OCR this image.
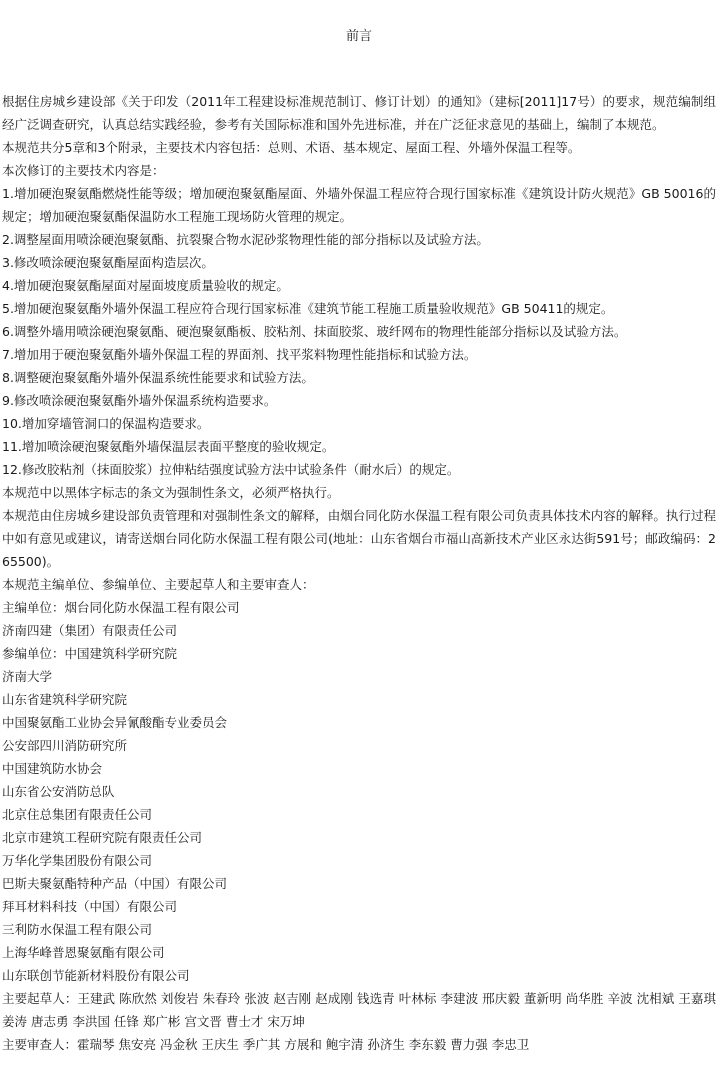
前言

根据住房城乡建设部《关于印发（2011年工程建设标准规范制订、修订计划）的通知》（建标[2011]17号）的要求，规范编制组经广泛调查研究，认真总结实践经验，参考有关国际标准和国外先进标准，并在广泛征求意见的基础上，编制了本规范。

本规范共分5章和3个附录，主要技术内容包括：总则、术语、基本规定、屋面工程、外墙外保温工程等。

本次修订的主要技术内容是：

1.增加硬泡聚氨酯燃烧性能等级；增加硬泡聚氨酯屋面、外墙外保温工程应符合现行国家标准《建筑设计防火规范》GB 50016的规定；增加硬泡聚氨酯保温防水工程施工现场防火管理的规定。

2.调整屋面用喷涂硬泡聚氨酯、抗裂聚合物水泥砂浆物理性能的部分指标以及试验方法。

3.修改喷涂硬泡聚氨酯屋面构造层次。

4.增加硬泡聚氨酯屋面对屋面坡度质量验收的规定。

5.增加硬泡聚氨酯外墙外保温工程应符合现行国家标准《建筑节能工程施工质量验收规范》GB 50411的规定。

6.调整外墙用喷涂硬泡聚氨酯、硬泡聚氨酯板、胶粘剂、抹面胶浆、玻纤网布的物理性能部分指标以及试验方法。

7.增加用于硬泡聚氨酯外墙外保温工程的界面剂、找平浆料物理性能指标和试验方法。

8.调整硬泡聚氨酯外墙外保温系统性能要求和试验方法。

9.修改喷涂硬泡聚氨酯外墙外保温系统构造要求。

10.增加穿墙管洞口的保温构造要求。

11.增加喷涂硬泡聚氨酯外墙保温层表面平整度的验收规定。

12.修改胶粘剂（抹面胶浆）拉伸粘结强度试验方法中试验条件（耐水后）的规定。

本规范中以黑体字标志的条文为强制性条文，必须严格执行。

本规范由住房城乡建设部负责管理和对强制性条文的解释，由烟台同化防水保温工程有限公司负责具体技术内容的解释。执行过程中如有意见或建议，请寄送烟台同化防水保温工程有限公司(地址：山东省烟台市福山高新技术产业区永达街591号；邮政编码：265500)。

本规范主编单位、参编单位、主要起草人和主要审查人：

主编单位：烟台同化防水保温工程有限公司

济南四建（集团）有限责任公司

参编单位：中国建筑科学研究院

济南大学

山东省建筑科学研究院

中国聚氨酯工业协会异氰酸酯专业委员会

公安部四川消防研究所

中国建筑防水协会

山东省公安消防总队

北京住总集团有限责任公司

北京市建筑工程研究院有限责任公司

万华化学集团股份有限公司

巴斯夫聚氨酯特种产品（中国）有限公司

拜耳材料科技（中国）有限公司

三利防水保温工程有限公司

上海华峰普恩聚氨酯有限公司

山东联创节能新材料股份有限公司

主要起草人：王建武 陈欣然 刘俊岩 朱春玲 张波 赵吉刚 赵成刚 钱选青 叶林标 李建波 邢庆毅 董新明 尚华胜 辛波 沈相斌 王嘉琪 姜涛 唐志勇 李洪国 任锋 郑广彬 宫文晋 曹士才 宋万坤

主要审查人：霍瑞琴 焦安亮 冯金秋 王庆生 季广其 方展和 鲍宇清 孙济生 李东毅 曹力强 李忠卫
